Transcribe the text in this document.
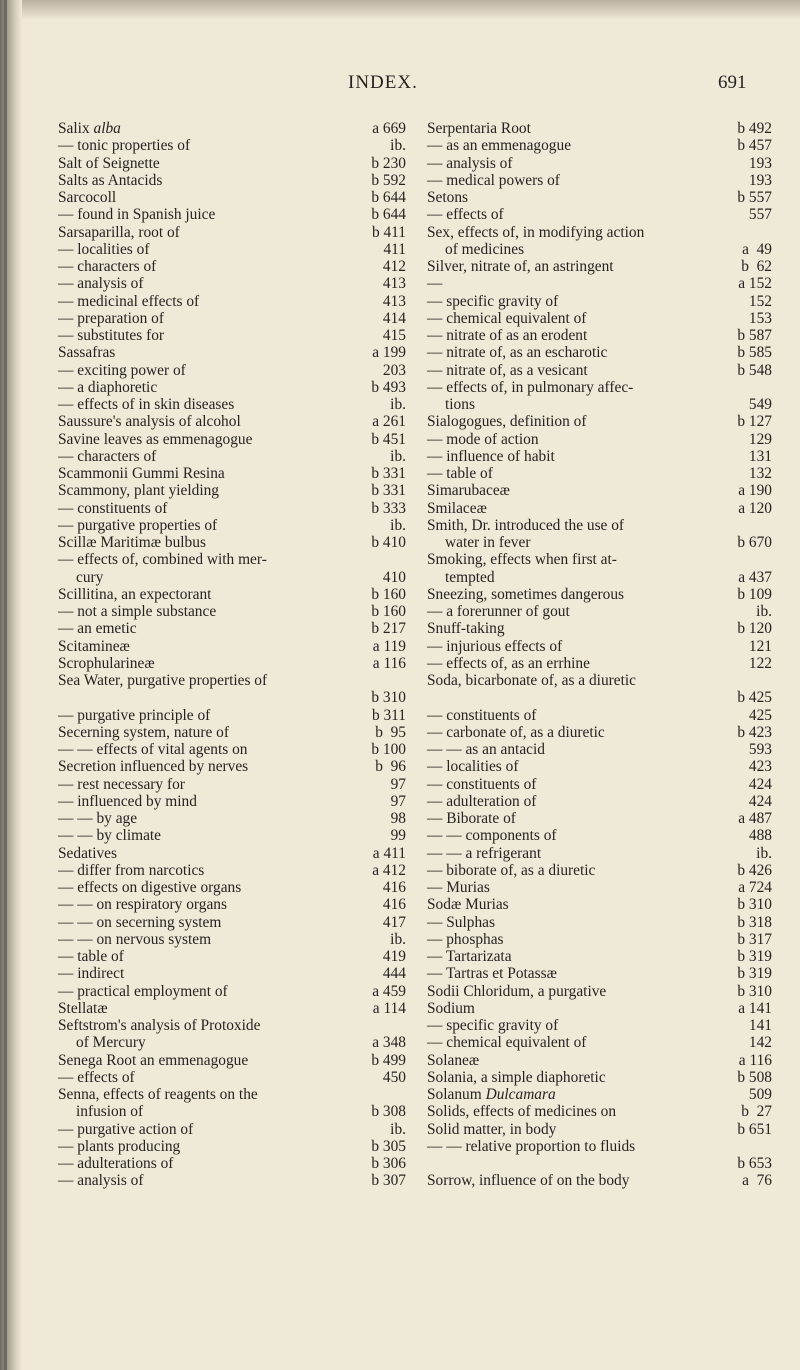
INDEX.	691
Salix alba	a 669
— tonic properties of	ib.
Salt of Seignette	b 230
Salts as Antacids	b 592
Sarcocoll	b 644
— found in Spanish juice	b 644
Sarsaparilla, root of	b 411
— localities of	411
— characters of	412
— analysis of	413
— medicinal effects of	413
— preparation of	414
— substitutes for	415
Sassafras	a 199
— exciting power of	203
— a diaphoretic	b 493
— effects of in skin diseases	ib.
Saussure's analysis of alcohol	a 261
Savine leaves as emmenagogue	b 451
— characters of	ib.
Scammonii Gummi Resina	b 331
Scammony, plant yielding	b 331
— constituents of	b 333
— purgative properties of	ib.
Scillæ Maritimæ bulbus	b 410
— effects of, combined with mer-
cury	410
Scillitina, an expectorant	b 160
— not a simple substance	b 160
— an emetic	b 217
Scitamineæ	a 119
Scrophularineæ	a 116
Sea Water, purgative properties of
b 310
— purgative principle of	b 311
Secerning system, nature of	b  95
— — effects of vital agents on	b 100
Secretion influenced by nerves	b  96
— rest necessary for	97
— influenced by mind	97
— — by age	98
— — by climate	99
Sedatives	a 411
— differ from narcotics	a 412
— effects on digestive organs	416
— — on respiratory organs	416
— — on secerning system	417
— — on nervous system	ib.
— table of	419
— indirect	444
— practical employment of	a 459
Stellatæ	a 114
Seftstrom's analysis of Protoxide
of Mercury	a 348
Senega Root an emmenagogue	b 499
— effects of	450
Senna, effects of reagents on the
infusion of	b 308
— purgative action of	ib.
— plants producing	b 305
— adulterations of	b 306
— analysis of	b 307
Serpentaria Root	b 492
— as an emmenagogue	b 457
— analysis of	193
— medical powers of	193
Setons	b 557
— effects of	557
Sex, effects of, in modifying action
of medicines	a  49
Silver, nitrate of, an astringent	b  62
—	a 152
— specific gravity of	152
— chemical equivalent of	153
— nitrate of as an erodent	b 587
— nitrate of, as an escharotic	b 585
— nitrate of, as a vesicant	b 548
— effects of, in pulmonary affec-
tions	549
Sialogogues, definition of	b 127
— mode of action	129
— influence of habit	131
— table of	132
Simarubaceæ	a 190
Smilaceæ	a 120
Smith, Dr. introduced the use of
water in fever	b 670
Smoking, effects when first at-
tempted	a 437
Sneezing, sometimes dangerous	b 109
— a forerunner of gout	ib.
Snuff-taking	b 120
— injurious effects of	121
— effects of, as an errhine	122
Soda, bicarbonate of, as a diuretic
b 425
— constituents of	425
— carbonate of, as a diuretic	b 423
— — as an antacid	593
— localities of	423
— constituents of	424
— adulteration of	424
— Biborate of	a 487
— — components of	488
— — a refrigerant	ib.
— biborate of, as a diuretic	b 426
— Murias	a 724
Sodæ Murias	b 310
— Sulphas	b 318
— phosphas	b 317
— Tartarizata	b 319
— Tartras et Potassæ	b 319
Sodii Chloridum, a purgative	b 310
Sodium	a 141
— specific gravity of	141
— chemical equivalent of	142
Solaneæ	a 116
Solania, a simple diaphoretic	b 508
Solanum Dulcamara	509
Solids, effects of medicines on	b  27
Solid matter, in body	b 651
— — relative proportion to fluids
b 653
Sorrow, influence of on the body	a  76
